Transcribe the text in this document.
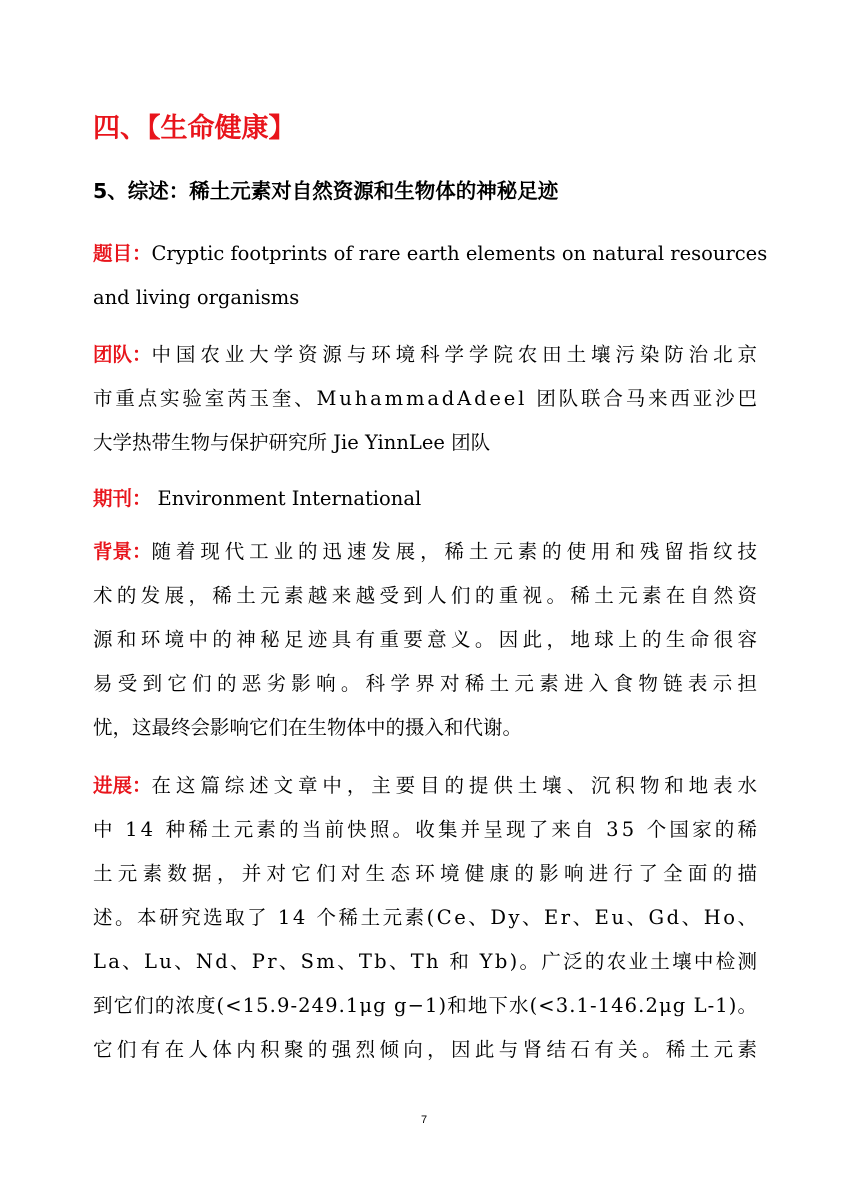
四、【生命健康】
5、综述：稀土元素对自然资源和生物体的神秘足迹
题目： Cryptic footprints of rare earth elements on natural resources
and living organisms
团队： 中国农业大学资源与环境科学学院农田土壤污染防治北京
市重点实验室芮玉奎、MuhammadAdeel 团队联合马来西亚沙巴
大学热带生物与保护研究所 Jie YinnLee 团队
期刊： Environment International
背景： 随着现代工业的迅速发展，稀土元素的使用和残留指纹技
术的发展，稀土元素越来越受到人们的重视。稀土元素在自然资
源和环境中的神秘足迹具有重要意义。因此，地球上的生命很容
易受到它们的恶劣影响。科学界对稀土元素进入食物链表示担
忧，这最终会影响它们在生物体中的摄入和代谢。
进展： 在这篇综述文章中，主要目的提供土壤、沉积物和地表水
中 14 种稀土元素的当前快照。收集并呈现了来自 35 个国家的稀
土元素数据，并对它们对生态环境健康的影响进行了全面的描
述。本研究选取了 14 个稀土元素(Ce、Dy、Er、Eu、Gd、Ho、
La、Lu、Nd、Pr、Sm、Tb、Th 和 Yb)。广泛的农业土壤中检测
到它们的浓度(<15.9-249.1μg g−1)和地下水(<3.1-146.2μg L-1)。
它们有在人体内积聚的强烈倾向，因此与肾结石有关。稀土元素
7
